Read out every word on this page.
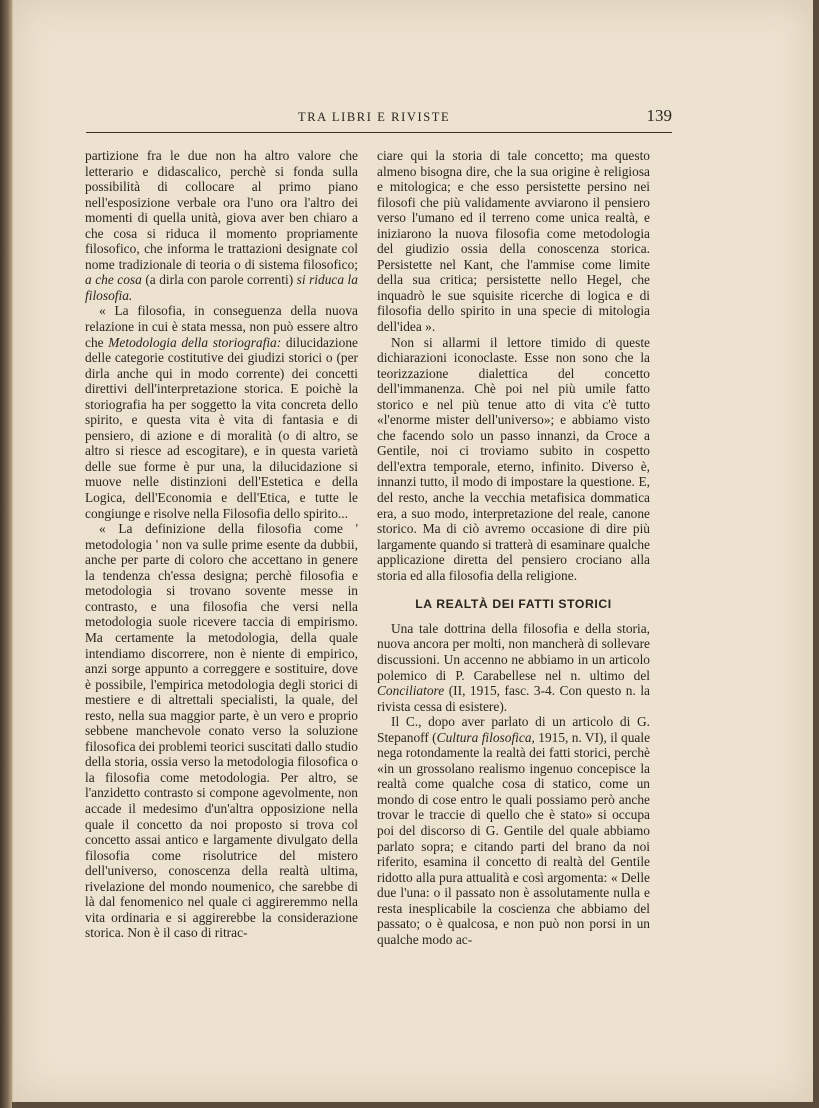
TRA LIBRI E RIVISTE	139

partizione fra le due non ha altro valore che letterario e didascalico, perchè si fonda sulla possibilità di collocare al primo piano nell'esposizione verbale ora l'uno ora l'altro dei momenti di quella unità, giova aver ben chiaro a che cosa si riduca il momento propriamente filosofico, che informa le trattazioni designate col nome tradizionale di teoria o di sistema filosofico; a che cosa (a dirla con parole correnti) si riduca la filosofia.

« La filosofia, in conseguenza della nuova relazione in cui è stata messa, non può essere altro che Metodologia della storiografia: dilucidazione delle categorie costitutive dei giudizi storici o (per dirla anche qui in modo corrente) dei concetti direttivi dell'interpretazione storica. E poichè la storiografia ha per soggetto la vita concreta dello spirito, e questa vita è vita di fantasia e di pensiero, di azione e di moralità (o di altro, se altro si riesce ad escogitare), e in questa varietà delle sue forme è pur una, la dilucidazione si muove nelle distinzioni dell'Estetica e della Logica, dell'Economia e dell'Etica, e tutte le congiunge e risolve nella Filosofia dello spirito...

« La definizione della filosofia come ' metodologia ' non va sulle prime esente da dubbii, anche per parte di coloro che accettano in genere la tendenza ch'essa designa; perchè filosofia e metodologia si trovano sovente messe in contrasto, e una filosofia che versi nella metodologia suole ricevere taccia di empirismo. Ma certamente la metodologia, della quale intendiamo discorrere, non è niente di empirico, anzi sorge appunto a correggere e sostituire, dove è possibile, l'empirica metodologia degli storici di mestiere e di altrettali specialisti, la quale, del resto, nella sua maggior parte, è un vero e proprio sebbene manchevole conato verso la soluzione filosofica dei problemi teorici suscitati dallo studio della storia, ossia verso la metodologia filosofica o la filosofia come metodologia. Per altro, se l'anzidetto contrasto si compone agevolmente, non accade il medesimo d'un'altra opposizione nella quale il concetto da noi proposto si trova col concetto assai antico e largamente divulgato della filosofia come risolutrice del mistero dell'universo, conoscenza della realtà ultima, rivelazione del mondo noumenico, che sarebbe di là dal fenomenico nel quale ci aggireremmo nella vita ordinaria e si aggirerebbe la considerazione storica. Non è il caso di ritrac-

ciare qui la storia di tale concetto; ma questo almeno bisogna dire, che la sua origine è religiosa e mitologica; e che esso persistette persino nei filosofi che più validamente avviarono il pensiero verso l'umano ed il terreno come unica realtà, e iniziarono la nuova filosofia come metodologia del giudizio ossia della conoscenza storica. Persistette nel Kant, che l'ammise come limite della sua critica; persistette nello Hegel, che inquadrò le sue squisite ricerche di logica e di filosofia dello spirito in una specie di mitologia dell'idea ».

Non si allarmi il lettore timido di queste dichiarazioni iconoclaste. Esse non sono che la teorizzazione dialettica del concetto dell'immanenza. Chè poi nel più umile fatto storico e nel più tenue atto di vita c'è tutto «l'enorme mister dell'universo»; e abbiamo visto che facendo solo un passo innanzi, da Croce a Gentile, noi ci troviamo subito in cospetto dell'extra temporale, eterno, infinito. Diverso è, innanzi tutto, il modo di impostare la questione. E, del resto, anche la vecchia metafisica dommatica era, a suo modo, interpretazione del reale, canone storico. Ma di ciò avremo occasione di dire più largamente quando si tratterà di esaminare qualche applicazione diretta del pensiero crociano alla storia ed alla filosofia della religione.

LA REALTÀ DEI FATTI STORICI

Una tale dottrina della filosofia e della storia, nuova ancora per molti, non mancherà di sollevare discussioni. Un accenno ne abbiamo in un articolo polemico di P. Carabellese nel n. ultimo del Conciliatore (II, 1915, fasc. 3-4. Con questo n. la rivista cessa di esistere).

Il C., dopo aver parlato di un articolo di G. Stepanoff (Cultura filosofica, 1915, n. VI), il quale nega rotondamente la realtà dei fatti storici, perchè «in un grossolano realismo ingenuo concepisce la realtà come qualche cosa di statico, come un mondo di cose entro le quali possiamo però anche trovar le traccie di quello che è stato» si occupa poi del discorso di G. Gentile del quale abbiamo parlato sopra; e citando parti del brano da noi riferito, esamina il concetto di realtà del Gentile ridotto alla pura attualità e così argomenta: « Delle due l'una: o il passato non è assolutamente nulla e resta inesplicabile la coscienza che abbiamo del passato; o è qualcosa, e non può non porsi in un qualche modo ac-
